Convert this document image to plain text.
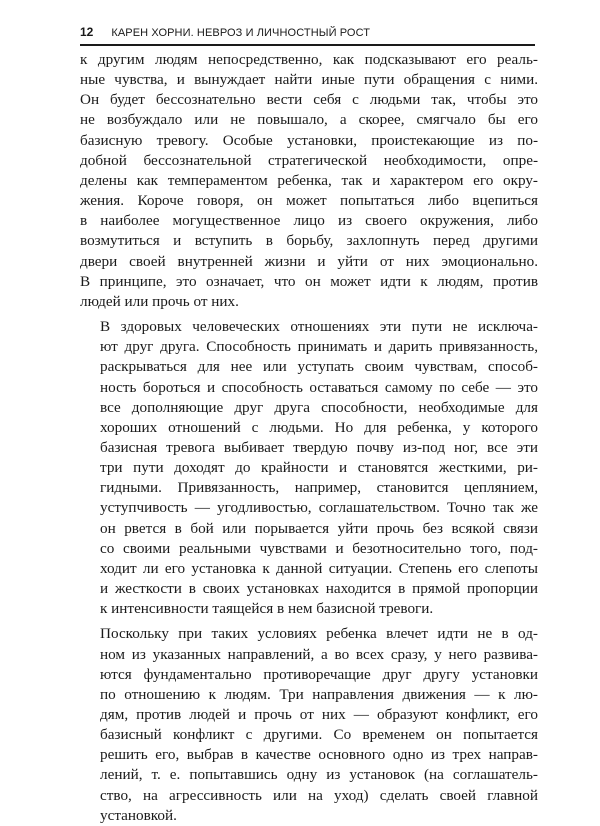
12 КАРЕН ХОРНИ. НЕВРОЗ И ЛИЧНОСТНЫЙ РОСТ

к другим людям непосредственно, как подсказывают его реаль-
ные чувства, и вынуждает найти иные пути обращения с ними.
Он будет бессознательно вести себя с людьми так, чтобы это
не возбуждало или не повышало, а скорее, смягчало бы его
базисную тревогу. Особые установки, проистекающие из по-
добной бессознательной стратегической необходимости, опре-
делены как темпераментом ребенка, так и характером его окру-
жения. Короче говоря, он может попытаться либо вцепиться
в наиболее могущественное лицо из своего окружения, либо
возмутиться и вступить в борьбу, захлопнуть перед другими
двери своей внутренней жизни и уйти от них эмоционально.
В принципе, это означает, что он может идти к людям, против
людей или прочь от них.

В здоровых человеческих отношениях эти пути не исключа-
ют друг друга. Способность принимать и дарить привязанность,
раскрываться для нее или уступать своим чувствам, способ-
ность бороться и способность оставаться самому по себе — это
все дополняющие друг друга способности, необходимые для
хороших отношений с людьми. Но для ребенка, у которого
базисная тревога выбивает твердую почву из-под ног, все эти
три пути доходят до крайности и становятся жесткими, ри-
гидными. Привязанность, например, становится цеплянием,
уступчивость — угодливостью, соглашательством. Точно так же
он рвется в бой или порывается уйти прочь без всякой связи
со своими реальными чувствами и безотносительно того, под-
ходит ли его установка к данной ситуации. Степень его слепоты
и жесткости в своих установках находится в прямой пропорции
к интенсивности таящейся в нем базисной тревоги.

Поскольку при таких условиях ребенка влечет идти не в од-
ном из указанных направлений, а во всех сразу, у него развива-
ются фундаментально противоречащие друг другу установки
по отношению к людям. Три направления движения — к лю-
дям, против людей и прочь от них — образуют конфликт, его
базисный конфликт с другими. Со временем он попытается
решить его, выбрав в качестве основного одно из трех направ-
лений, т. е. попытавшись одну из установок (на соглашатель-
ство, на агрессивность или на уход) сделать своей главной
установкой.
